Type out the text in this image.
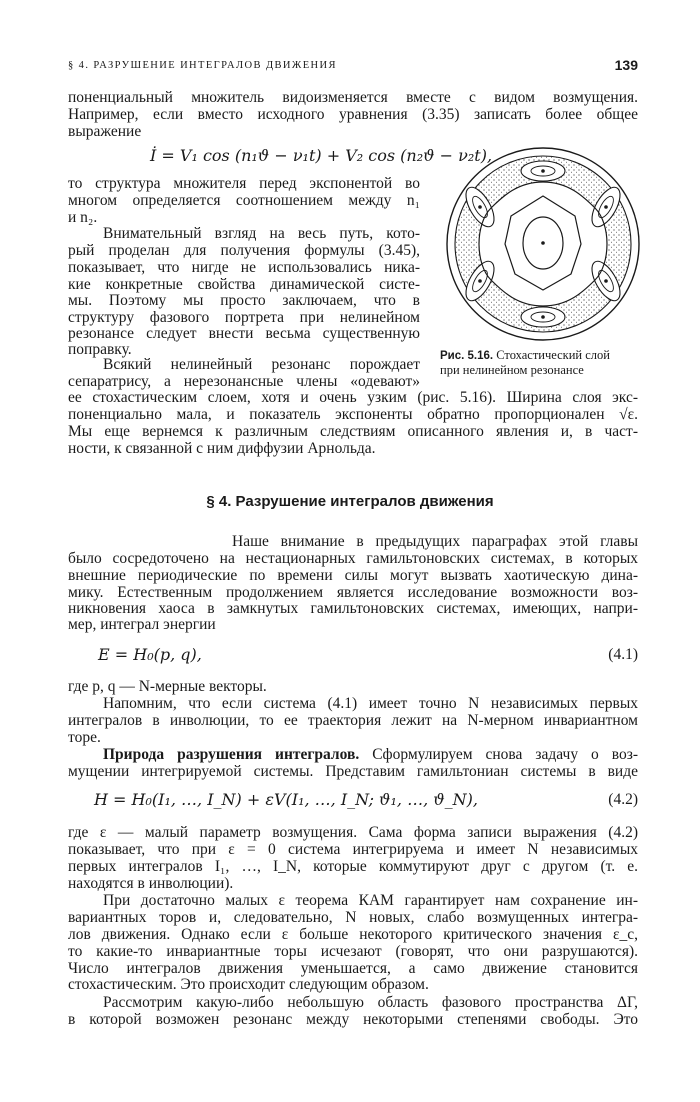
§ 4. РАЗРУШЕНИЕ ИНТЕГРАЛОВ ДВИЖЕНИЯ	139
поненциальный множитель видоизменяется вместе с видом возмущения.
Например, если вместо исходного уравнения (3.35) записать более общее
выражение
İ = V₁ cos (n₁ϑ − ν₁t) + V₂ cos (n₂ϑ − ν₂t),
то структура множителя перед экспонентой во
многом определяется соотношением между n₁
и n₂.
Внимательный взгляд на весь путь, кото-
рый проделан для получения формулы (3.45),
показывает, что нигде не использовались ника-
кие конкретные свойства динамической систе-
мы. Поэтому мы просто заключаем, что в
структуру фазового портрета при нелинейном
резонансе следует внести весьма существенную
поправку.
Всякий нелинейный резонанс порождает
сепаратрису, а нерезонансные члены «одевают»
Рис. 5.16. Стохастический слой
при нелинейном резонансе
ее стохастическим слоем, хотя и очень узким (рис. 5.16). Ширина слоя экс-
поненциально мала, и показатель экспоненты обратно пропорционален √ε.
Мы еще вернемся к различным следствиям описанного явления и, в част-
ности, к связанной с ним диффузии Арнольда.
§ 4. Разрушение интегралов движения
Наше внимание в предыдущих параграфах этой главы
было сосредоточено на нестационарных гамильтоновских системах, в которых
внешние периодические по времени силы могут вызвать хаотическую дина-
мику. Естественным продолжением является исследование возможности воз-
никновения хаоса в замкнутых гамильтоновских системах, имеющих, напри-
мер, интеграл энергии
E = H₀(p, q),	(4.1)
где p, q — N-мерные векторы.
Напомним, что если система (4.1) имеет точно N независимых первых
интегралов в инволюции, то ее траектория лежит на N-мерном инвариантном
торе.
Природа разрушения интегралов. Сформулируем снова задачу о воз-
мущении интегрируемой системы. Представим гамильтониан системы в виде
H = H₀(I₁, …, I_N) + εV(I₁, …, I_N; ϑ₁, …, ϑ_N),	(4.2)
где ε — малый параметр возмущения. Сама форма записи выражения (4.2)
показывает, что при ε = 0 система интегрируема и имеет N независимых
первых интегралов I₁, …, I_N, которые коммутируют друг с другом (т. е.
находятся в инволюции).
При достаточно малых ε теорема КАМ гарантирует нам сохранение ин-
вариантных торов и, следовательно, N новых, слабо возмущенных интегра-
лов движения. Однако если ε больше некоторого критического значения ε_c,
то какие-то инвариантные торы исчезают (говорят, что они разрушаются).
Число интегралов движения уменьшается, а само движение становится
стохастическим. Это происходит следующим образом.
Рассмотрим какую-либо небольшую область фазового пространства ΔΓ,
в которой возможен резонанс между некоторыми степенями свободы. Это
